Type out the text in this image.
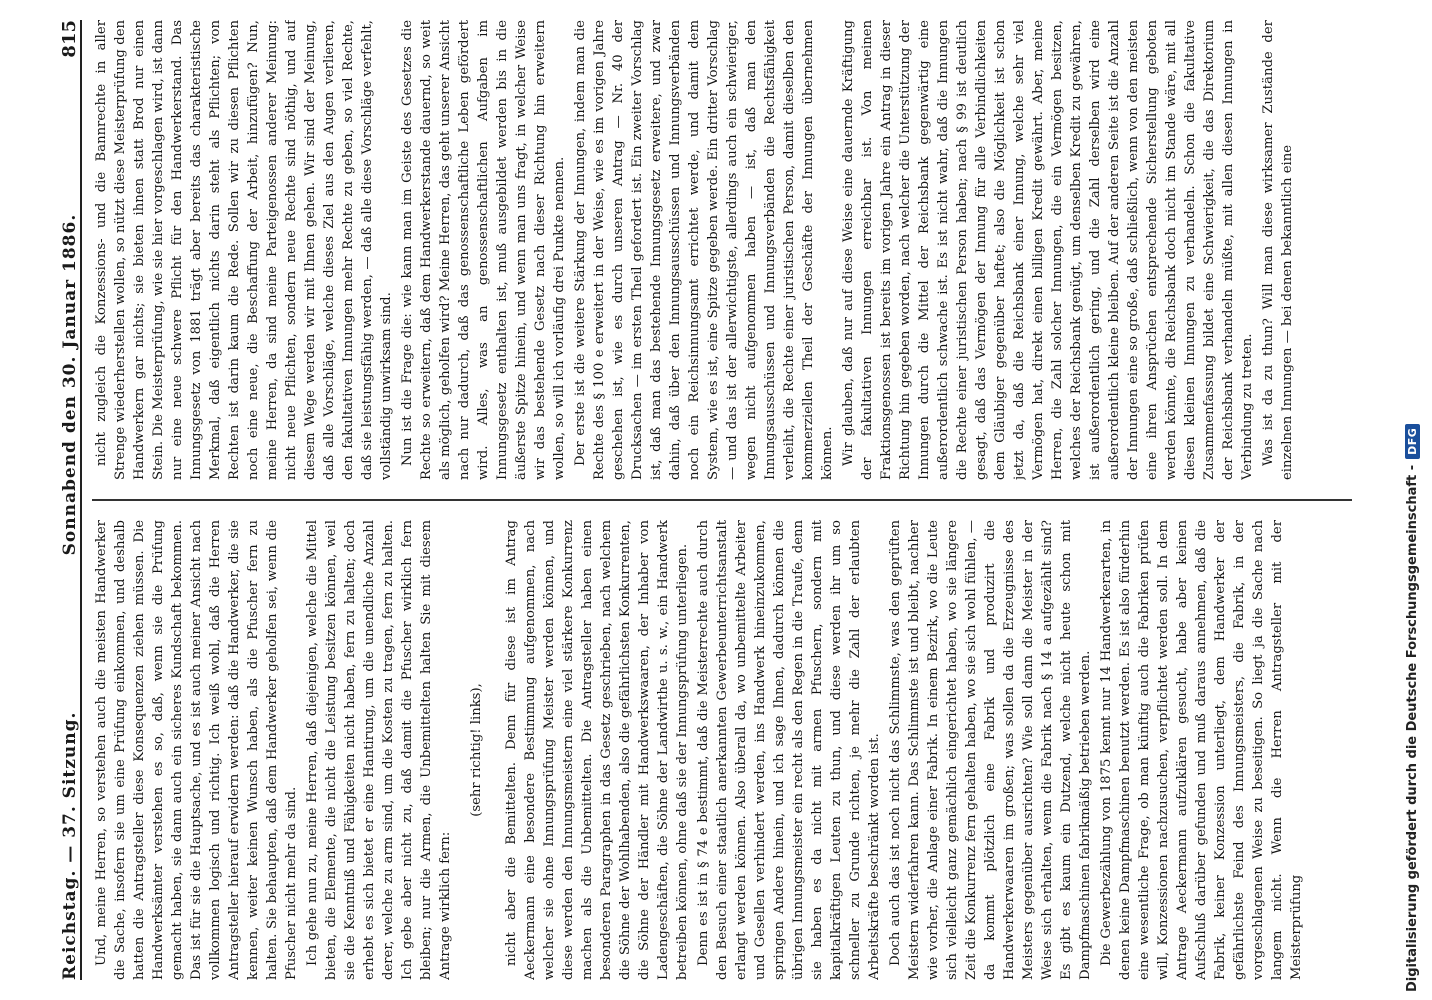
Reichstag. — 37. Sitzung.
Sonnabend den 30. Januar 1886.
815

Und, meine Herren, so verstehen auch die meisten Handwerker die Sache, insofern sie um eine Prüfung einkommen, und deshalb hatten die Antragsteller diese Konsequenzen ziehen müssen. Die Handwerksämter verstehen es so, daß, wenn sie die Prüfung gemacht haben, sie dann auch ein sicheres Kundschaft bekommen. Das ist für sie die Hauptsache, und es ist auch meiner Ansicht nach vollkommen logisch und richtig. Ich weiß wohl, daß die Herren Antragsteller hierauf erwidern werden: daß die Handwerker, die sie kennen, weiter keinen Wunsch haben, als die Pfuscher fern zu halten. Sie behaupten, daß dem Handwerker geholfen sei, wenn die Pfuscher nicht mehr da sind. Ich gehe nun zu, meine Herren, daß diejenigen, welche die Mittel bieten, die Elemente, die nicht die Leistung besitzen können, weil sie die Kenntniß und Fähigkeiten nicht haben, fern zu halten; doch erhebt es sich bietet er eine Hantirung, um die unendliche Anzahl derer, welche zu arm sind, um die Kosten zu tragen, fern zu halten. Ich gebe aber nicht zu, daß damit die Pfuscher wirklich fern bleiben; nur die Armen, die Unbemittelten halten Sie mit diesem Antrage wirklich fern:

(sehr richtig! links), nicht aber die Bemittelten. Denn für diese ist im Antrag Aeckermann eine besondere Bestimmung aufgenommen, nach welcher sie ohne Innungsprüfung Meister werden können, und diese werden den Innungsmeistern eine viel stärkere Konkurrenz machen als die Unbemittelten. Die Antragsteller haben einen besonderen Paragraphen in das Gesetz geschrieben, nach welchem die Söhne der Wohlhabenden, also die gefährlichsten Konkurrenten, die Söhne der Händler mit Handwerkswaaren, der Inhaber von Ladengeschäften, die Söhne der Landwirthe u. s. w., ein Handwerk betreiben können, ohne daß sie der Innungsprüfung unterliegen. Denn es ist in § 74 e bestimmt, daß die Meisterrechte auch durch den Besuch einer staatlich anerkannten Gewerbeunterrichtsanstalt erlangt werden können. Also überall da, wo unbemittelte Arbeiter und Gesellen verhindert werden, ins Handwerk hineinzukommen, springen Andere hinein, und ich sage Ihnen, dadurch können die übrigen Innungsmeister ein recht als den Regen in die Traufe, denn sie haben es da nicht mit armen Pfuschern, sondern mit kapitalkräftigen Leuten zu thun, und diese werden ihr um so schneller zu Grunde richten, je mehr die Zahl der erlaubten Arbeitskräfte beschränkt worden ist. Doch auch das ist noch nicht das Schlimmste, was den geprüften Meistern widerfahren kann. Das Schlimmste ist und bleibt, nachher wie vorher, die Anlage einer Fabrik. In einem Bezirk, wo die Leute sich vielleicht ganz gemächlich eingerichtet haben, wo sie längere Zeit die Konkurrenz fern gehalten haben, wo sie sich wohl fühlen, — da kommt plötzlich eine Fabrik und produzirt die Handwerkerwaaren im großen; was sollen da die Erzeugnisse des Meisters gegenüber ausrichten? Wie soll dann die Meister in der Weise sich erhalten, wenn die Fabrik nach § 14 a aufgezählt sind? Es gibt es kaum ein Dutzend, welche nicht heute schon mit Dampfmaschinen fabrikmäßig betrieben werden. Die Gewerbezählung von 1875 kennt nur 14 Handwerkerarten, in denen keine Dampfmaschinen benutzt werden. Es ist also fürderhin eine wesentliche Frage, ob man künftig auch die Fabriken prüfen will, Konzessionen nachzusuchen, verpflichtet werden soll. In dem Antrage Aeckermann aufzuklären gesucht, habe aber keinen Aufschluß darüber gefunden und muß daraus annehmen, daß die Fabrik, keiner Konzession unterliegt, dem Handwerker der gefährlichste Feind des Innungsmeisters, die Fabrik, in der vorgeschlagenen Weise zu beseitigen. So liegt ja die Sache nach langem nicht. Wenn die Herren Antragsteller mit der Meisterprüfung

nicht zugleich die Konzessions- und die Bannrechte in aller Strenge wiederherstellen wollen, so nützt diese Meisterprüfung den Handwerkern gar nichts; sie bieten ihnen statt Brod nur einen Stein. Die Meisterprüfung, wie sie hier vorgeschlagen wird, ist dann nur eine neue schwere Pflicht für den Handwerkerstand. Das Innungsgesetz von 1881 trägt aber bereits das charakteristische Merkmal, daß eigentlich nichts darin steht als Pflichten; von Rechten ist darin kaum die Rede. Sollen wir zu diesen Pflichten noch eine neue, die Beschaffung der Arbeit, hinzufügen? Nun, meine Herren, da sind meine Parteigenossen anderer Meinung: nicht neue Pflichten, sondern neue Rechte sind nöthig, und auf diesem Wege werden wir mit Ihnen gehen. Wir sind der Meinung, daß alle Vorschläge, welche dieses Ziel aus den Augen verlieren, den fakultativen Innungen mehr Rechte zu geben, so viel Rechte, daß sie leistungsfähig werden, — daß alle diese Vorschläge verfehlt, vollständig unwirksam sind. Nun ist die Frage die: wie kann man im Geiste des Gesetzes die Rechte so erweitern, daß dem Handwerkerstande dauernd, so weit als möglich, geholfen wird? Meine Herren, das geht unserer Ansicht nach nur dadurch, daß das genossenschaftliche Leben gefördert wird. Alles, was an genossenschaftlichen Aufgaben im Innungsgesetz enthalten ist, muß ausgebildet werden bis in die äußerste Spitze hinein, und wenn man uns fragt, in welcher Weise wir das bestehende Gesetz nach dieser Richtung hin erweitern wollen, so will ich vorläufig drei Punkte nennen. Der erste ist die weitere Stärkung der Innungen, indem man die Rechte des § 100 e erweitert in der Weise, wie es im vorigen Jahre geschehen ist, wie es durch unseren Antrag — Nr. 40 der Drucksachen — im ersten Theil gefordert ist. Ein zweiter Vorschlag ist, daß man das bestehende Innungsgesetz erweitere, und zwar dahin, daß über den Innungsausschüssen und Innungsverbänden noch ein Reichsinnungsamt errichtet werde, und damit dem System, wie es ist, eine Spitze gegeben werde. Ein dritter Vorschlag — und das ist der allerwichtigste, allerdings auch ein schwieriger, wegen nicht aufgenommen haben — ist, daß man den Innungsausschüssen und Innungsverbänden die Rechtsfähigkeit verleiht, die Rechte einer juristischen Person, damit dieselben den kommerziellen Theil der Geschäfte der Innungen übernehmen können. Wir glauben, daß nur auf diese Weise eine dauernde Kräftigung der fakultativen Innungen erreichbar ist. Von meinen Fraktionsgenossen ist bereits im vorigen Jahre ein Antrag in dieser Richtung hin gegeben worden, nach welcher die Unterstützung der Innungen durch die Mittel der Reichsbank gegenwärtig eine außerordentlich schwache ist. Es ist nicht wahr, daß die Innungen die Rechte einer juristischen Person haben; nach § 99 ist deutlich gesagt, daß das Vermögen der Innung für alle Verbindlichkeiten dem Gläubiger gegenüber haftet; also die Möglichkeit ist schon jetzt da, daß die Reichsbank einer Innung, welche sehr viel Vermögen hat, direkt einen billigen Kredit gewährt. Aber, meine Herren, die Zahl solcher Innungen, die ein Vermögen besitzen, welches der Reichsbank genügt, um denselben Kredit zu gewähren, ist außerordentlich gering, und die Zahl derselben wird eine außerordentlich kleine bleiben. Auf der anderen Seite ist die Anzahl der Innungen eine so große, daß schließlich, wenn von den meisten eine ihren Ansprüchen entsprechende Sicherstellung geboten werden könnte, die Reichsbank doch nicht im Stande wäre, mit all diesen kleinen Innungen zu verhandeln. Schon die fakultative Zusammenfassung bildet eine Schwierigkeit, die das Direktorium der Reichsbank verhandeln müßte, mit allen diesen Innungen in Verbindung zu treten. Was ist da zu thun? Will man diese wirksamer Zustände der einzelnen Innungen — bei denen bekanntlich eine

Digitalisierung gefördert durch die Deutsche Forschungsgemeinschaft -
DFG
